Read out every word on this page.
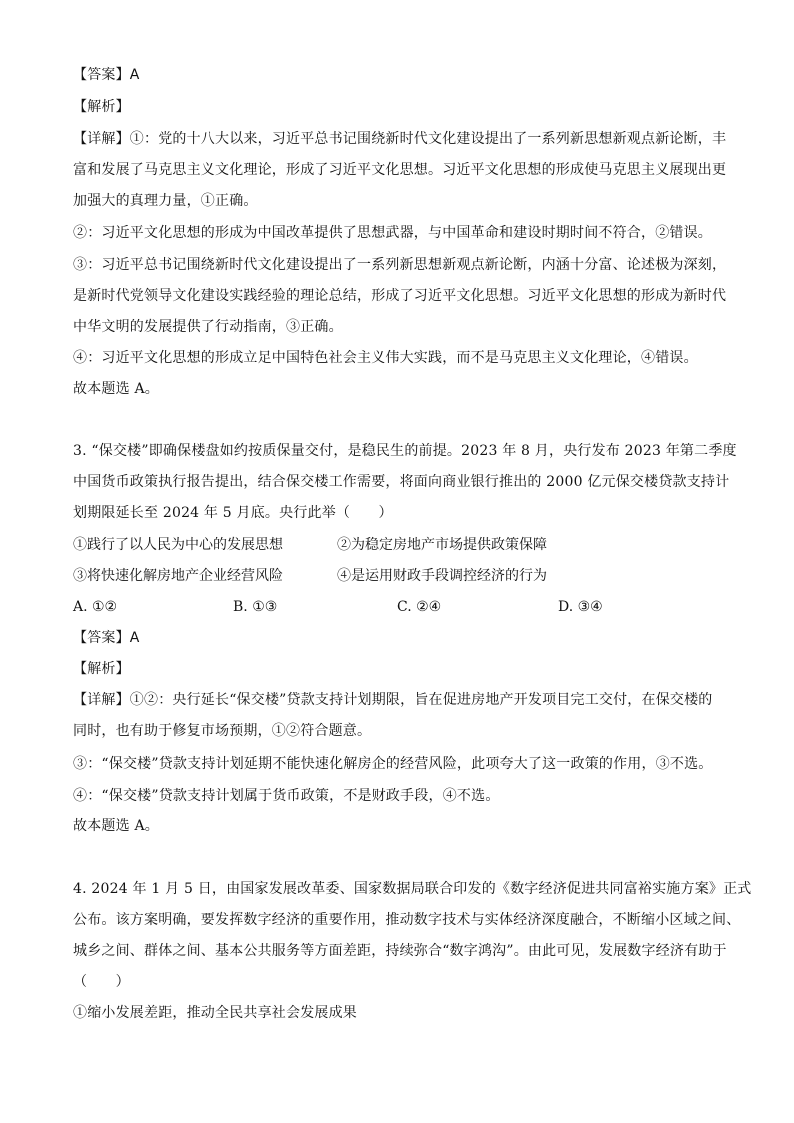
【答案】A
【解析】
【详解】①：党的十八大以来，习近平总书记围绕新时代文化建设提出了一系列新思想新观点新论断，丰
富和发展了马克思主义文化理论，形成了习近平文化思想。习近平文化思想的形成使马克思主义展现出更
加强大的真理力量，①正确。
②：习近平文化思想的形成为中国改革提供了思想武器，与中国革命和建设时期时间不符合，②错误。
③：习近平总书记围绕新时代文化建设提出了一系列新思想新观点新论断，内涵十分富、论述极为深刻，
是新时代党领导文化建设实践经验的理论总结，形成了习近平文化思想。习近平文化思想的形成为新时代
中华文明的发展提供了行动指南，③正确。
④：习近平文化思想的形成立足中国特色社会主义伟大实践，而不是马克思主义文化理论，④错误。
故本题选 A。
3. “保交楼”即确保楼盘如约按质保量交付，是稳民生的前提。2023 年 8 月，央行发布 2023 年第二季度
中国货币政策执行报告提出，结合保交楼工作需要，将面向商业银行推出的 2000 亿元保交楼贷款支持计
划期限延长至 2024 年 5 月底。央行此举（　　）
①践行了以人民为中心的发展思想	②为稳定房地产市场提供政策保障
③将快速化解房地产企业经营风险	④是运用财政手段调控经济的行为
A. ①②	B. ①③	C. ②④	D. ③④
【答案】A
【解析】
【详解】①②：央行延长“保交楼”贷款支持计划期限，旨在促进房地产开发项目完工交付，在保交楼的
同时，也有助于修复市场预期，①②符合题意。
③：“保交楼”贷款支持计划延期不能快速化解房企的经营风险，此项夸大了这一政策的作用，③不选。
④：“保交楼”贷款支持计划属于货币政策，不是财政手段，④不选。
故本题选 A。
4. 2024 年 1 月 5 日，由国家发展改革委、国家数据局联合印发的《数字经济促进共同富裕实施方案》正式
公布。该方案明确，要发挥数字经济的重要作用，推动数字技术与实体经济深度融合，不断缩小区域之间、
城乡之间、群体之间、基本公共服务等方面差距，持续弥合“数字鸿沟”。由此可见，发展数字经济有助于
（　　）
①缩小发展差距，推动全民共享社会发展成果
